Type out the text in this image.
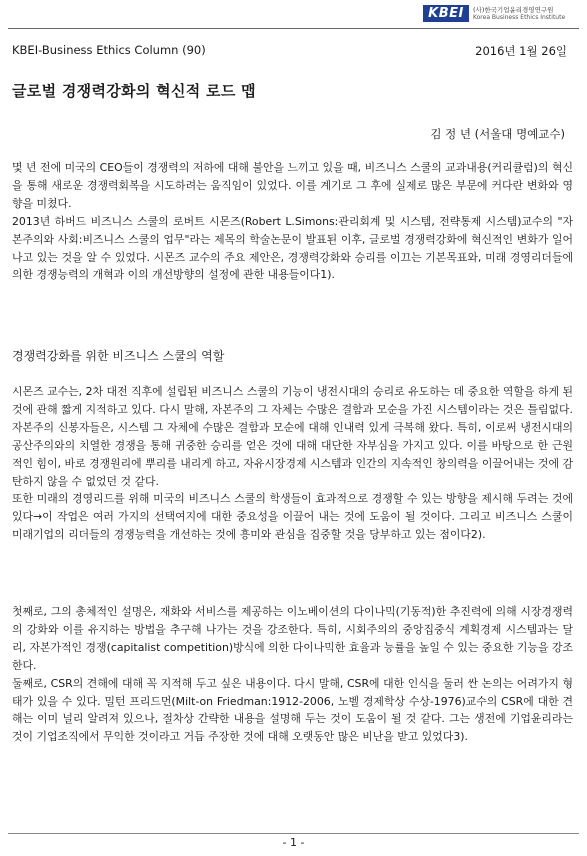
KBEI	(사)한국기업윤리경영연구원
Korea Business Ethics Institute
KBEI-Business Ethics Column (90)	2016년 1월 26일
글로벌 경쟁력강화의 혁신적 로드 맵
김 정 년 (서울대 명예교수)

몇 년 전에 미국의 CEO들이 경쟁력의 저하에 대해 불안을 느끼고 있을 때, 비즈니스 스쿨의 교과내용(커리큘럼)의 혁신을 통해 새로운 경쟁력회복을 시도하려는 움직임이 있었다. 이를 계기로 그 후에 실제로 많은 부문에 커다란 변화와 영향을 미쳤다.

2013년 하버드 비즈니스 스쿨의 로버트 시몬즈(Robert L.Simons:관리회계 및 시스템, 전략통제 시스템)교수의 "자본주의와 사회:비즈니스 스쿨의 업무"라는 제목의 학술논문이 발표된 이후, 글로벌 경쟁력강화에 혁신적인 변화가 일어나고 있는 것을 알 수 있었다. 시몬즈 교수의 주요 제안은, 경쟁력강화와 승리를 이끄는 기본목표와, 미래 경영리더들에 의한 경쟁능력의 개혁과 이의 개선방향의 설정에 관한 내용들이다1).

경쟁력강화를 위한 비즈니스 스쿨의 역할

시몬즈 교수는, 2차 대전 직후에 설립된 비즈니스 스쿨의 기능이 냉전시대의 승리로 유도하는 데 중요한 역할을 하게 된 것에 관해 짧게 지적하고 있다. 다시 말해, 자본주의 그 자체는 수많은 결함과 모순을 가진 시스템이라는 것은 틀림없다. 자본주의 신봉자들은, 시스템 그 자체에 수많은 결함과 모순에 대해 인내력 있게 극복해 왔다. 특히, 이로써 냉전시대의 공산주의와의 치열한 경쟁을 통해 귀중한 승리를 얻은 것에 대해 대단한 자부심을 가지고 있다. 이를 바탕으로 한 근원적인 힘이, 바로 경쟁원리에 뿌리를 내리게 하고, 자유시장경제 시스템과 인간의 지속적인 창의력을 이끌어내는 것에 감탄하지 않을 수 없었던 것 같다.

또한 미래의 경영리드를 위해 미국의 비즈니스 스쿨의 학생들이 효과적으로 경쟁할 수 있는 방향을 제시해 두려는 것에 있다→이 작업은 여러 가지의 선택여지에 대한 중요성을 이끌어 내는 것에 도움이 될 것이다. 그리고 비즈니스 스쿨이 미래기업의 리더들의 경쟁능력을 개선하는 것에 흥미와 관심을 집중할 것을 당부하고 있는 점이다2).

첫째로, 그의 총체적인 설명은, 재화와 서비스를 제공하는 이노베이션의 다이나믹(기동적)한 추진력에 의해 시장경쟁력의 강화와 이를 유지하는 방법을 추구해 나가는 것을 강조한다. 특히, 시회주의의 중앙집중식 계획경제 시스템과는 달리, 자본가적인 경쟁(capitalist competition)방식에 의한 다이나믹한 효율과 능률을 높일 수 있는 중요한 기능을 강조한다.

둘째로, CSR의 견해에 대해 꼭 지적해 두고 싶은 내용이다. 다시 말해, CSR에 대한 인식을 둘러 싼 논의는 어려가지 형태가 있을 수 있다. 밀턴 프리드먼(Milt-on Friedman:1912-2006, 노벨 경제학상 수상-1976)교수의 CSR에 대한 견해는 이미 널리 알려져 있으나, 절차상 간략한 내용을 설명해 두는 것이 도움이 될 것 같다. 그는 생전에 기업윤리라는 것이 기업조직에서 무익한 것이라고 거듭 주장한 것에 대해 오랫동안 많은 비난을 받고 있었다3).

- 1 -
